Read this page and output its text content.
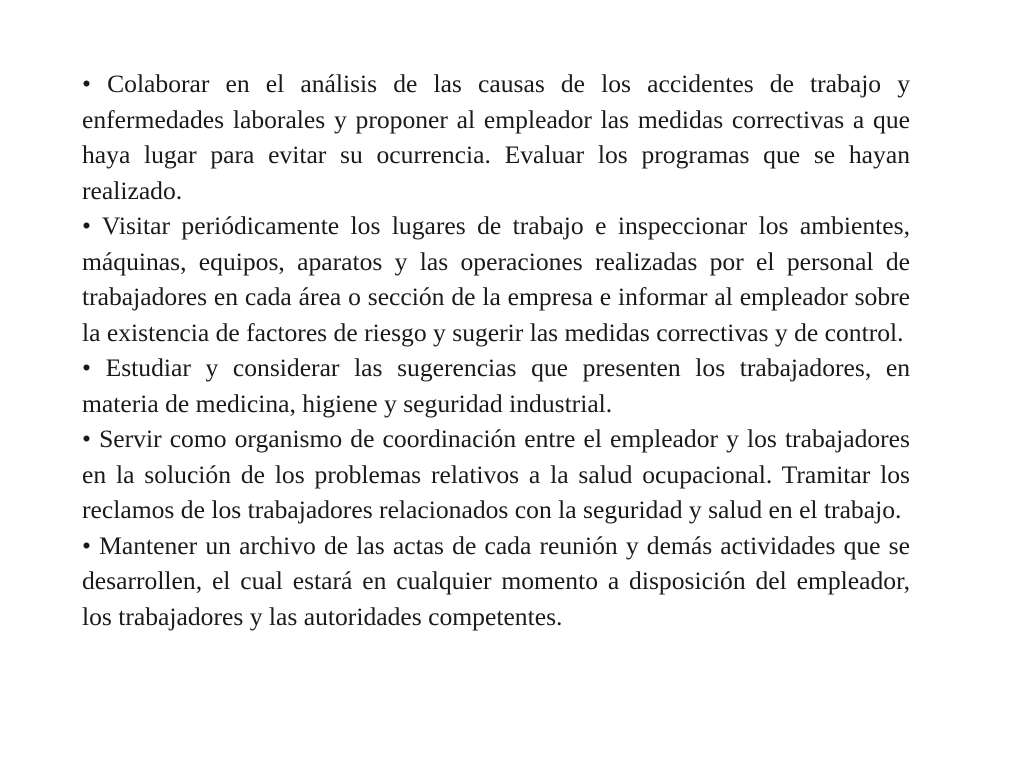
• Colaborar en el análisis de las causas de los accidentes de trabajo y enfermedades laborales y proponer al empleador las medidas correctivas a que haya lugar para evitar su ocurrencia. Evaluar los programas que se hayan realizado.

• Visitar periódicamente los lugares de trabajo e inspeccionar los ambientes, máquinas, equipos, aparatos y las operaciones realizadas por el personal de trabajadores en cada área o sección de la empresa e informar al empleador sobre la existencia de factores de riesgo y sugerir las medidas correctivas y de control.

• Estudiar y considerar las sugerencias que presenten los trabajadores, en materia de medicina, higiene y seguridad industrial.

• Servir como organismo de coordinación entre el empleador y los trabajadores en la solución de los problemas relativos a la salud ocupacional. Tramitar los reclamos de los trabajadores relacionados con la seguridad y salud en el trabajo.

• Mantener un archivo de las actas de cada reunión y demás actividades que se desarrollen, el cual estará en cualquier momento a disposición del empleador, los trabajadores y las autoridades competentes.
